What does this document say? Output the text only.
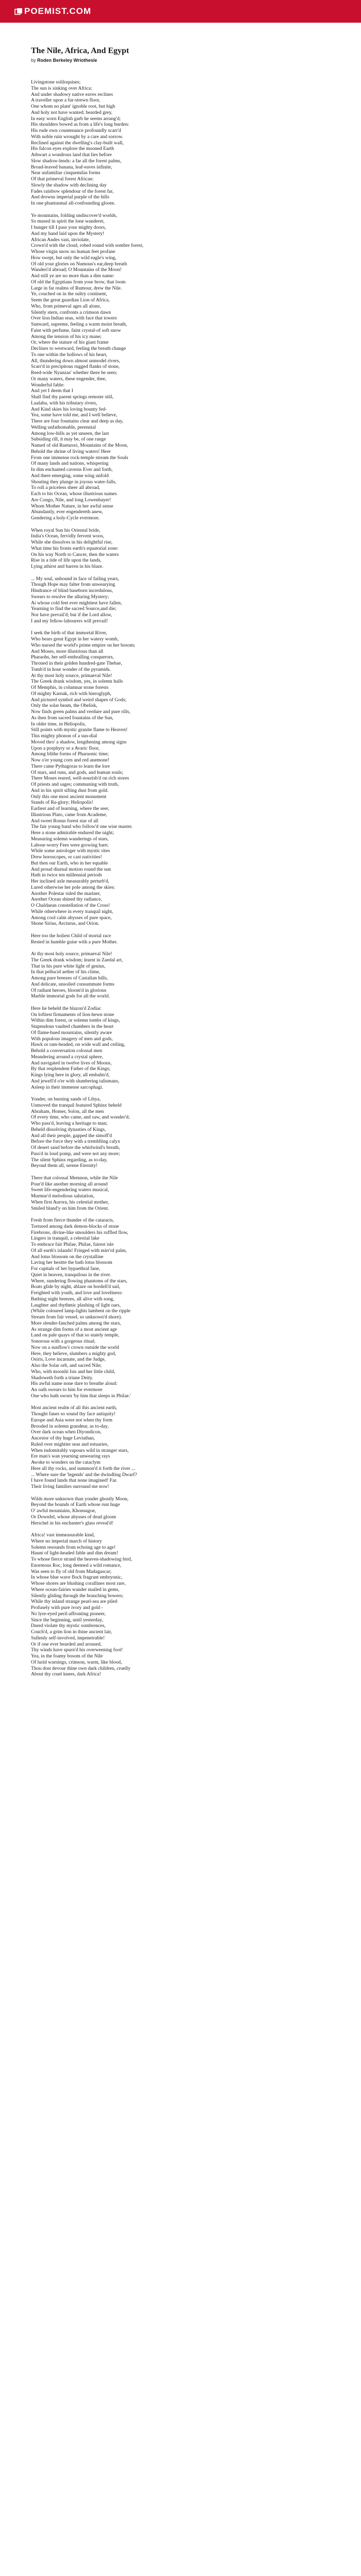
POEMIST.COM
The Nile, Africa, And Egypt
by Roden Berkeley Wriothesle
Livingstone soliloquises;
The sun is sinking over Africa;
And under shadowy native eaves reclines
A traveller upon a fur-strewn floor,
One whom no plant' ignoble root, but high
And holy not have wanted; bearded grey,
In easy worn English garb he seems arrang'd;
His shoulders bowed as from a life's long burden:
His rude own countenance profoundly scarr'd
With noble ruin wrought by a care and sorrow.
Reclined against the dwelling's clay-built wall,
His falcon eyes explore the mooned Earth
Athwart a wondrous land that lies before
Slow shadow-lends: a far all the forest palms,
Broad-leaved banana, leaf-eaves infinite,
Near unfamiliar cinquemilas forms
Of that primeval forest African:
Slowly the shadow with declining day
Fades rainbow splendour of the forest far,
And drowns imperial purple of the hills
In one phantasmal all-confounding gloom.
Ye mountains, folding undiscover'd worlds,
So mused in spirit the lone wanderer,
I hunger till I pass your mighty doors,
And my hand laid upon the Mystery!
African Andes vast, inviolate,
Crown'd with the cloud, robed round with sombre forest,
Whose virgin snow no human feet profane
How swept, but only the wild eagle's wing,
Of old your glories on Numous's ear,deep breath
Wanderi'd abroad; O Mountains of the Moon!
And still ye are no more than a dim name:
Of old the Egyptians from your brow, that loom
Large in far realms of Rumour, drew the Nile.
Ye, couched on in the sultry continent,
Seem the great guardian Lion of Africa,
Who, from primeval ages all alone,
Silently stern, confronts a crimson dawn
Over lion Indian seas, with face that towers
Sunward, supreme, feeling a warm moist breath,
Faint with perfume, faint crystal-of soft snow
Among the tension of his icy mane;
Or, where the stature of his giant frame
Declines to westward, feeling the breath change
To one within the hollows of his heart,
All, thundering down almost unmodel rivers,
Scarr'd in precipitous rugged flanks of stone,
Reed-wide Nyanzas' whether there be seen;
Or many waters, these engender, thee,
Wonderful fable:
And yet I deem that I
Shall find thy parent springs remoter still,
Lualaba, with his tributary rivers,
And Kind skies his loving bounty fed-
Yea, some have told me, and I well believe,
There are four fountains clear and deep as day,
Welling unfathomable, perennial
Among low-hills as yet unseen, the last
Subsiding rill, it may be, of one range
Named of old Ruenzori, Mountains of the Moon,
Behold the shrine of living waters! Here
From one immense rock-temple stream the Souls
Of many lands and nations, whispering
In dim enchanted caverns Ever and forth,
And there emerging, some wing unfold
Shouting they plunge in joyous water-falls,
To roll a priceless sheer all abroad,
Each to his Ocean, whose illustrious names
Are Congo, Nile, and long Lowenbayer!
Whom Mother Nature, in her awful sense
Abundantly, ever engendereth anew,
Gendering a holy-Cycle evermore.
When royal Sun his Oriental bride,
India's Ocean, fervidly fervent woos,
While she dissolves in his delightful rise,
What time his fronts earth's equatorial zone:
On his way North to Cancer, then the waters
Rise in a tide of life upon the lands,
Lying athirst and barren in his blaze.
... My soul, unbound in face of failing years,
Though Hope may falter from unwearying
Hindrance of blind baseborn incredulous,
Swears to resolve the alluring Mystery;
Ai whose cold feet ever mightiest have fallen,
Yearning to find the sacred Source,and die;
Nor have prevail'd; but if the Lord allow,
I and my fellow-labourers will prevail!
I seek the birth of that immortal River,
Who bears great Egypt in her watery womb,
Who nursed the world's prime empire on her bosom;
And Moses, more illustrious than all
Pharaohs, her self-enthralling conquerors,
Throned in their golden hundred-gate Thebae,
Tomb'd in hour wonder of the pyramids.
At thy most holy source, primaeval Nile!
The Greek drank wisdom, yes, in solemn halls
Of Memphis, in columnar stone forests
Of mighty Karnak, rich with hieroglyph,
And pictured symbol and weird shapes of Gods;
Only the solar beam, the Obelisk,
Now finds green palms and verdure and pure rills,
As then from sacred fountains of the Sun,
In older time, in Heliopolis,
Still points with mystic granite flame to Heaven!
This mighty phonon of a sun-dial
Moved thro' a shadow, lengthening among signs
Upon a porphyry or a Avaric floor,
Among blithe forms of Pharaonic time;
Now o'er young corn and red anemone!
There came Pythagoras to learn the lore
Of stars, and runs, and gods, and human souls;
There Moses reared, well-nourish'd on rich stores
Of priests and sages; communing with truth,
And in his spirit sifting dust from gold.
Only this one most ancient monument
Stands of Ra-glory; Heliopolis!
Earliest and of learning, where the seer,
Illustrious Plato, came from Academe,
And sweet Ronus forest star of all
The fair young band who follow'd one wise master.
Here a stone admirable endured the night;
Measuring solemn wanderings of stars,
Labour-worry Fees were growing bare;
While some astrologer with mystic rites
Drew horoscopes, or cast nativities!
But then our Earth, who in her equable
And proud diurnal motion round the sun
Hath in twice ten millennial periods
Her inclined axle measurably perturb'd,
Lured otherwise her pole among the skies:
Another Polestar ruled the mariner,
Another Ocean shined thy radiance,
O Chaldaean constellation of the Cross!
While otherwhere in every tranquil night,
Among cool calm abysses of pure space,
Shone Sirius, Arcturus, and Orion.
Here too the holiest Child of mortal race
Rested in humble guise with a pure Mother.
At thy most holy source, primaeval Nile!
The Greek drank wisdom; learnt in Zaedal art,
That in his pure white light of genius,
In that pellucid aether of his clime,
Among pure breezes of Castalian hills,
And delicate, unsoiled consummate forms
Of radiant heroes, bloom'd in glorious
Marble immortal gods for all the world.
Here lie beheld the blazon'd Zodiac
On loftiest firmaments of lion-hewn stone
Within dim forest, or solemn tombs of kings,
Stupendous vaulted chambers in the heart
Of flame-hued mountains, silently aware
With populous imagery of men and gods,
Hawk or ram-headed, on wide wall and ceiling,
Behold a conversation colossal men
Meandering around a crystal sphere,
And navigated in twelve lives of Moons,
By that resplendent Father of the Kings;
Kings lying here in glory, all embalm'd,
And jewell'd o'er with slumbering talismans,
Asleep in their immense sarcophagi.
Yonder, on burning sands of Libya,
Unmoved the tranquil featured Sphinx beheld
Abraham, Homer, Solon, all the men
Of every time, who came, and saw, and wonder'd;
Who pass'd, leaving a heritage to man;
Beheld dissolving dynasties of Kings,
And all their people, gapped the simoff'd
Before the force they with a tremblling calyx
Of desert sand before the whirlwind's breath,
Pass'd in loud pomp, and were not any more;
The silent Sphinx regarding, as to-day,
Beyond them all, serene Eternity!
There that colossal Memnon, while the Nile
Pour'd like another morning all around
Sweet life-engendering waters musical,
Murmur'd melodious salutation,
When first Aurora, his celestial mother,
Smiled bland'y on him from the Orient.
Fresh from fierce thunder of the cataracts,
Tortured among dark demon-blocks of stone
Firebrons, divine-like smoulders his ruffled flow,
Lingers in tranquil, a celestial lake
To embrace fair Philae, Philae, fairest isle
Of all earth's islands! Fringed with mirr'rd palm,
And lotus blossom on the crystalline
Laving her hesitte the bath lotus blossom
For capitals of her hypaethral fane,
Quiet in heaven, tranquilous in the river.
Where, sundering flowing phantoms of the stars,
Boats glide by night, ablaze on bordell'd sail,
Freighted with youth, and love and loveliness:
Bathing night breezes, all alive with song,
Laughter and rhythmic plashing of light oars,
(While coloured lamp-lights lambent on the ripple
Stream from fair vessel, so unknown'd shore).
More slender-fanched palms among the stars,
As strange dim forms of a most ancient age
Land on pale quays of that so stately temple,
Sonorous with a gorgeous ritual;
Now on a sunflow'r crown outside the world
Here, they believe, slumbers a mighty god,
Osiris, Love incarnate, and the Judge,
Also the Solar orb, and sacred Nile;
Who, with moonlit Isis and her little child,
Shadoweth forth a triune Deity.
His awful name none dare to breathe aloud:
An oath swears to him for evermore
One who hath sworn 'by him that sleeps in Philae.'
Most ancient realm of all this ancient earth,
Thought fanes so sound thy face antiquity!
Europe and Asia were not when thy form
Brooded in solemn grandeur, as to-day,
Over dark ocean when Diyondicon,
Ancestor of thy huge Leviathan,
Ruled over mightier seas and estuaries,
When indomitably vapours wild in stranger stars,
Ere man's wan yearning unwearing rays
Awoke to wonders on the cataclym
Here all thy rocks, and summon'd it forth the river ...
... Where sure the 'legends' and the dwindling Dwarf?
I have found lands that none imagined! Far.
Their living families surround me now!
Wilds more unknown than yonder ghostly Moon,
Beyond the bounds of Earth whose rust huge
O' awful mountains, Khonsugoe,
Or Downfel, whose abysses of dead gloom
Herschel in his enchanter's glass reveal'd!
Africa! vast immeasurable kind,
Where no imperial march of history
Solemn resounds from echoing age to age!
Haunt of light-headed fable and dim dream!
To whose fierce strand the heaven-shadowing bird,
Enormous Roc, long deemed a wild romance,
Was seen to fly of old from Madagascar;
In whose blue wave flock fragrant embryonic,
Whose shores are blushing corallines most rare,
Where ocean-fairies wander mailed in gems,
Silently gliding through the branching bowers;
While thy inland strange pearl-sea are piled
Profusely with pure ivory and gold -
No lyre-eyed peril-affronting pioneer,
Since the beginning, until yesterday,
Dared violate thy mystic sombrences,
Couch'd, a grim lion in thine ancient lair,
Sullenly self-involved, impenetrable!
Or if one ever bearded and aroused,
Thy winds have spurn'd his overweening foot!
Yea, in the foamy bosom of the Nile
Of lurid warnings, crimson, warm, like blood,
Thou dost devour thine own dark children, cruelly
About thy cruel knees, dark Africa!
